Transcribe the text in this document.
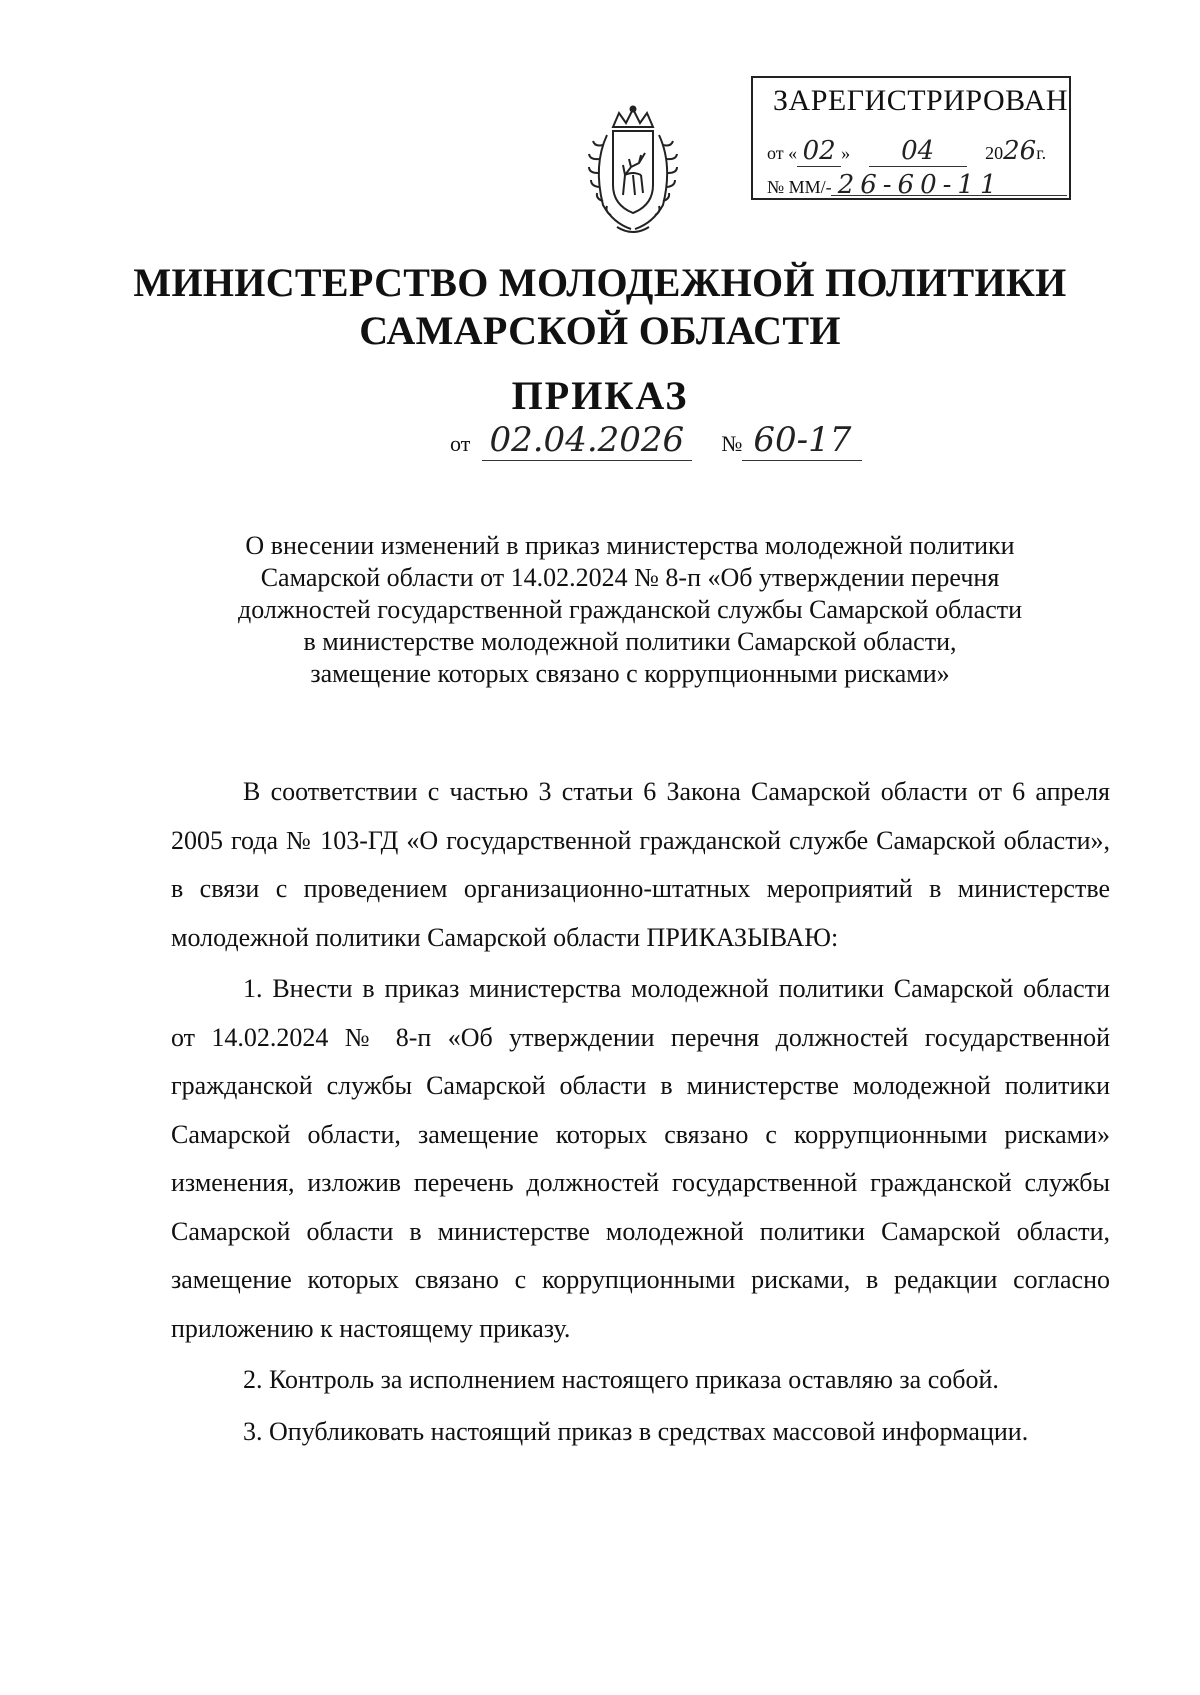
ЗАРЕГИСТРИРОВАН
от « 02 » 04	2026г.
№ ММ/- 26-60-11
МИНИСТЕРСТВО МОЛОДЕЖНОЙ ПОЛИТИКИ
САМАРСКОЙ ОБЛАСТИ
ПРИКАЗ
от 02.04.2026 № 60-17
О внесении изменений в приказ министерства молодежной политики
Самарской области от 14.02.2024 № 8-п «Об утверждении перечня
должностей государственной гражданской службы Самарской области
в министерстве молодежной политики Самарской области,
замещение которых связано с коррупционными рисками»

В соответствии с частью 3 статьи 6 Закона Самарской области от 6 апреля 2005 года № 103-ГД «О государственной гражданской службе Самарской области», в связи с проведением организационно-штатных мероприятий в министерстве молодежной политики Самарской области ПРИКАЗЫВАЮ:

1. Внести в приказ министерства молодежной политики Самарской области от 14.02.2024 № 8-п «Об утверждении перечня должностей государственной гражданской службы Самарской области в министерстве молодежной политики Самарской области, замещение которых связано с коррупционными рисками» изменения, изложив перечень должностей государственной гражданской службы Самарской области в министерстве молодежной политики Самарской области, замещение которых связано с коррупционными рисками, в редакции согласно приложению к настоящему приказу.

2. Контроль за исполнением настоящего приказа оставляю за собой.

3. Опубликовать настоящий приказ в средствах массовой информации.
